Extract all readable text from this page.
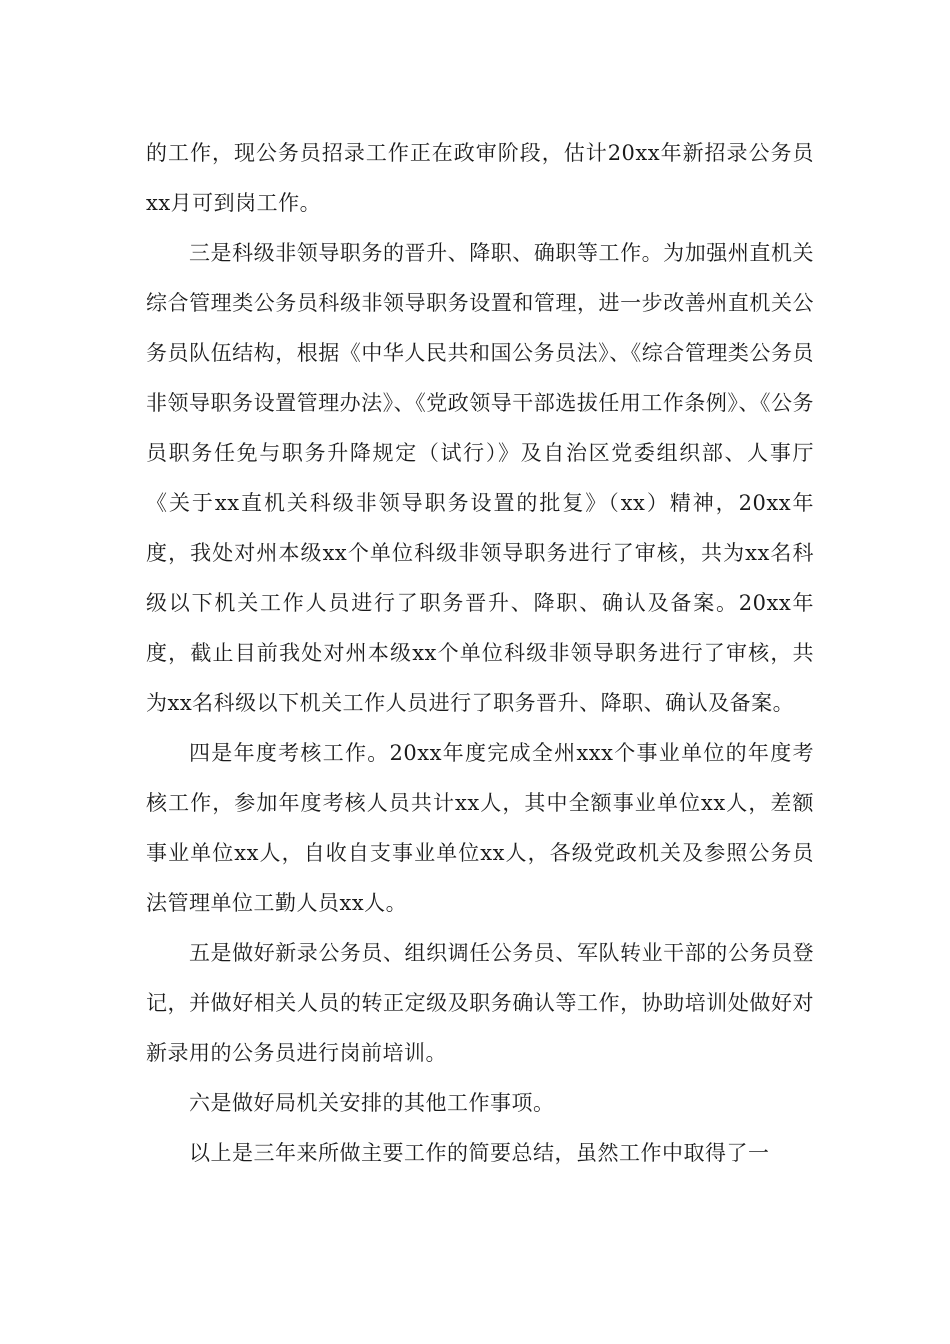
的工作，现公务员招录工作正在政审阶段，估计20xx年新招录公务员xx月可到岗工作。

三是科级非领导职务的晋升、降职、确职等工作。为加强州直机关综合管理类公务员科级非领导职务设置和管理，进一步改善州直机关公务员队伍结构，根据《中华人民共和国公务员法》、《综合管理类公务员非领导职务设置管理办法》、《党政领导干部选拔任用工作条例》、《公务员职务任免与职务升降规定（试行）》及自治区党委组织部、人事厅《关于xx直机关科级非领导职务设置的批复》（xx）精神，20xx年度，我处对州本级xx个单位科级非领导职务进行了审核，共为xx名科级以下机关工作人员进行了职务晋升、降职、确认及备案。20xx年度，截止目前我处对州本级xx个单位科级非领导职务进行了审核，共为xx名科级以下机关工作人员进行了职务晋升、降职、确认及备案。

四是年度考核工作。20xx年度完成全州xxx个事业单位的年度考核工作，参加年度考核人员共计xx人，其中全额事业单位xx人，差额事业单位xx人，自收自支事业单位xx人，各级党政机关及参照公务员法管理单位工勤人员xx人。

五是做好新录公务员、组织调任公务员、军队转业干部的公务员登记，并做好相关人员的转正定级及职务确认等工作，协助培训处做好对新录用的公务员进行岗前培训。

六是做好局机关安排的其他工作事项。

以上是三年来所做主要工作的简要总结，虽然工作中取得了一
